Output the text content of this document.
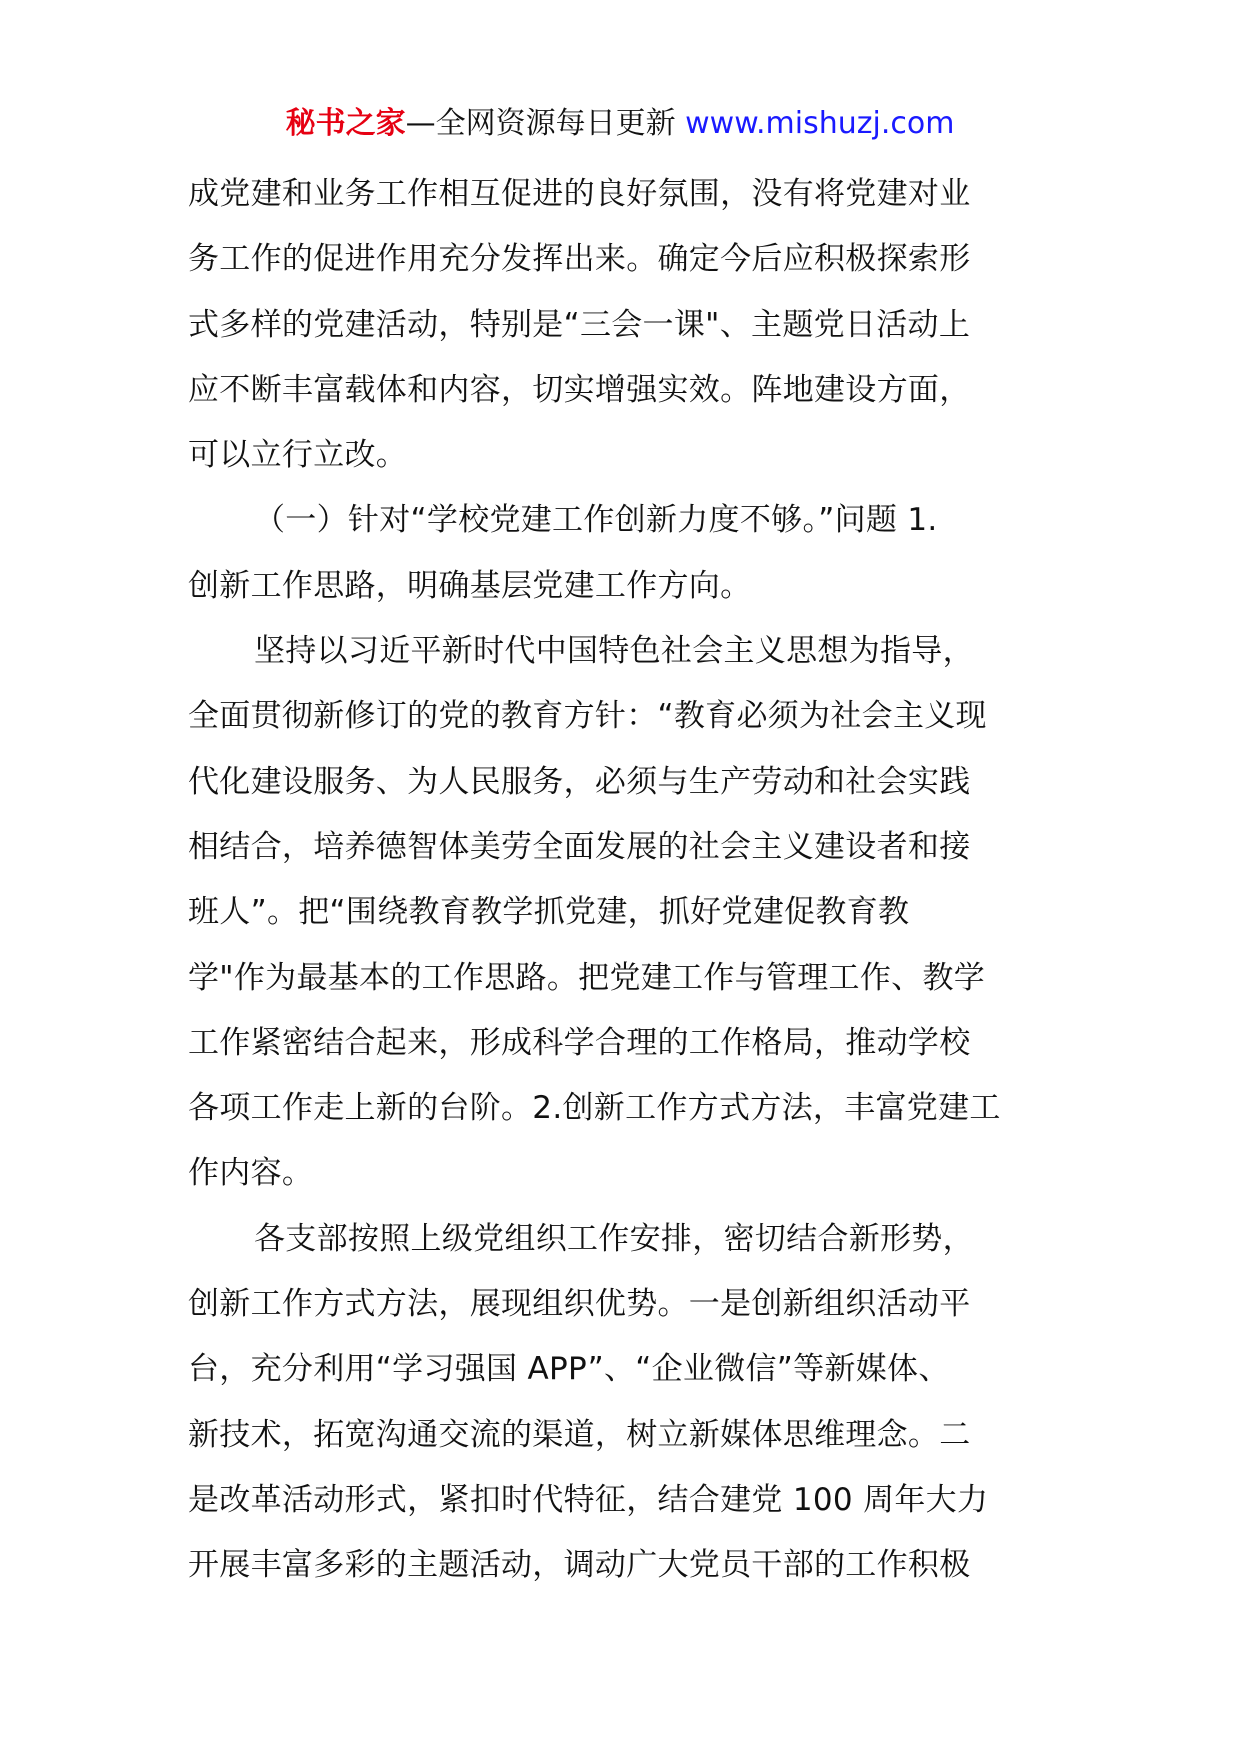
秘书之家—全网资源每日更新 www.mishuzj.com
成党建和业务工作相互促进的良好氛围，没有将党建对业
务工作的促进作用充分发挥出来。确定今后应积极探索形
式多样的党建活动，特别是“三会一课"、主题党日活动上
应不断丰富载体和内容，切实增强实效。阵地建设方面，
可以立行立改。
（一）针对“学校党建工作创新力度不够。”问题 1.
创新工作思路，明确基层党建工作方向。
坚持以习近平新时代中国特色社会主义思想为指导，
全面贯彻新修订的党的教育方针：“教育必须为社会主义现
代化建设服务、为人民服务，必须与生产劳动和社会实践
相结合，培养德智体美劳全面发展的社会主义建设者和接
班人”。把“围绕教育教学抓党建，抓好党建促教育教
学"作为最基本的工作思路。把党建工作与管理工作、教学
工作紧密结合起来，形成科学合理的工作格局，推动学校
各项工作走上新的台阶。2.创新工作方式方法，丰富党建工
作内容。
各支部按照上级党组织工作安排，密切结合新形势，
创新工作方式方法，展现组织优势。一是创新组织活动平
台，充分利用“学习强国 APP”、“企业微信”等新媒体、
新技术，拓宽沟通交流的渠道，树立新媒体思维理念。二
是改革活动形式，紧扣时代特征，结合建党 100 周年大力
开展丰富多彩的主题活动，调动广大党员干部的工作积极
